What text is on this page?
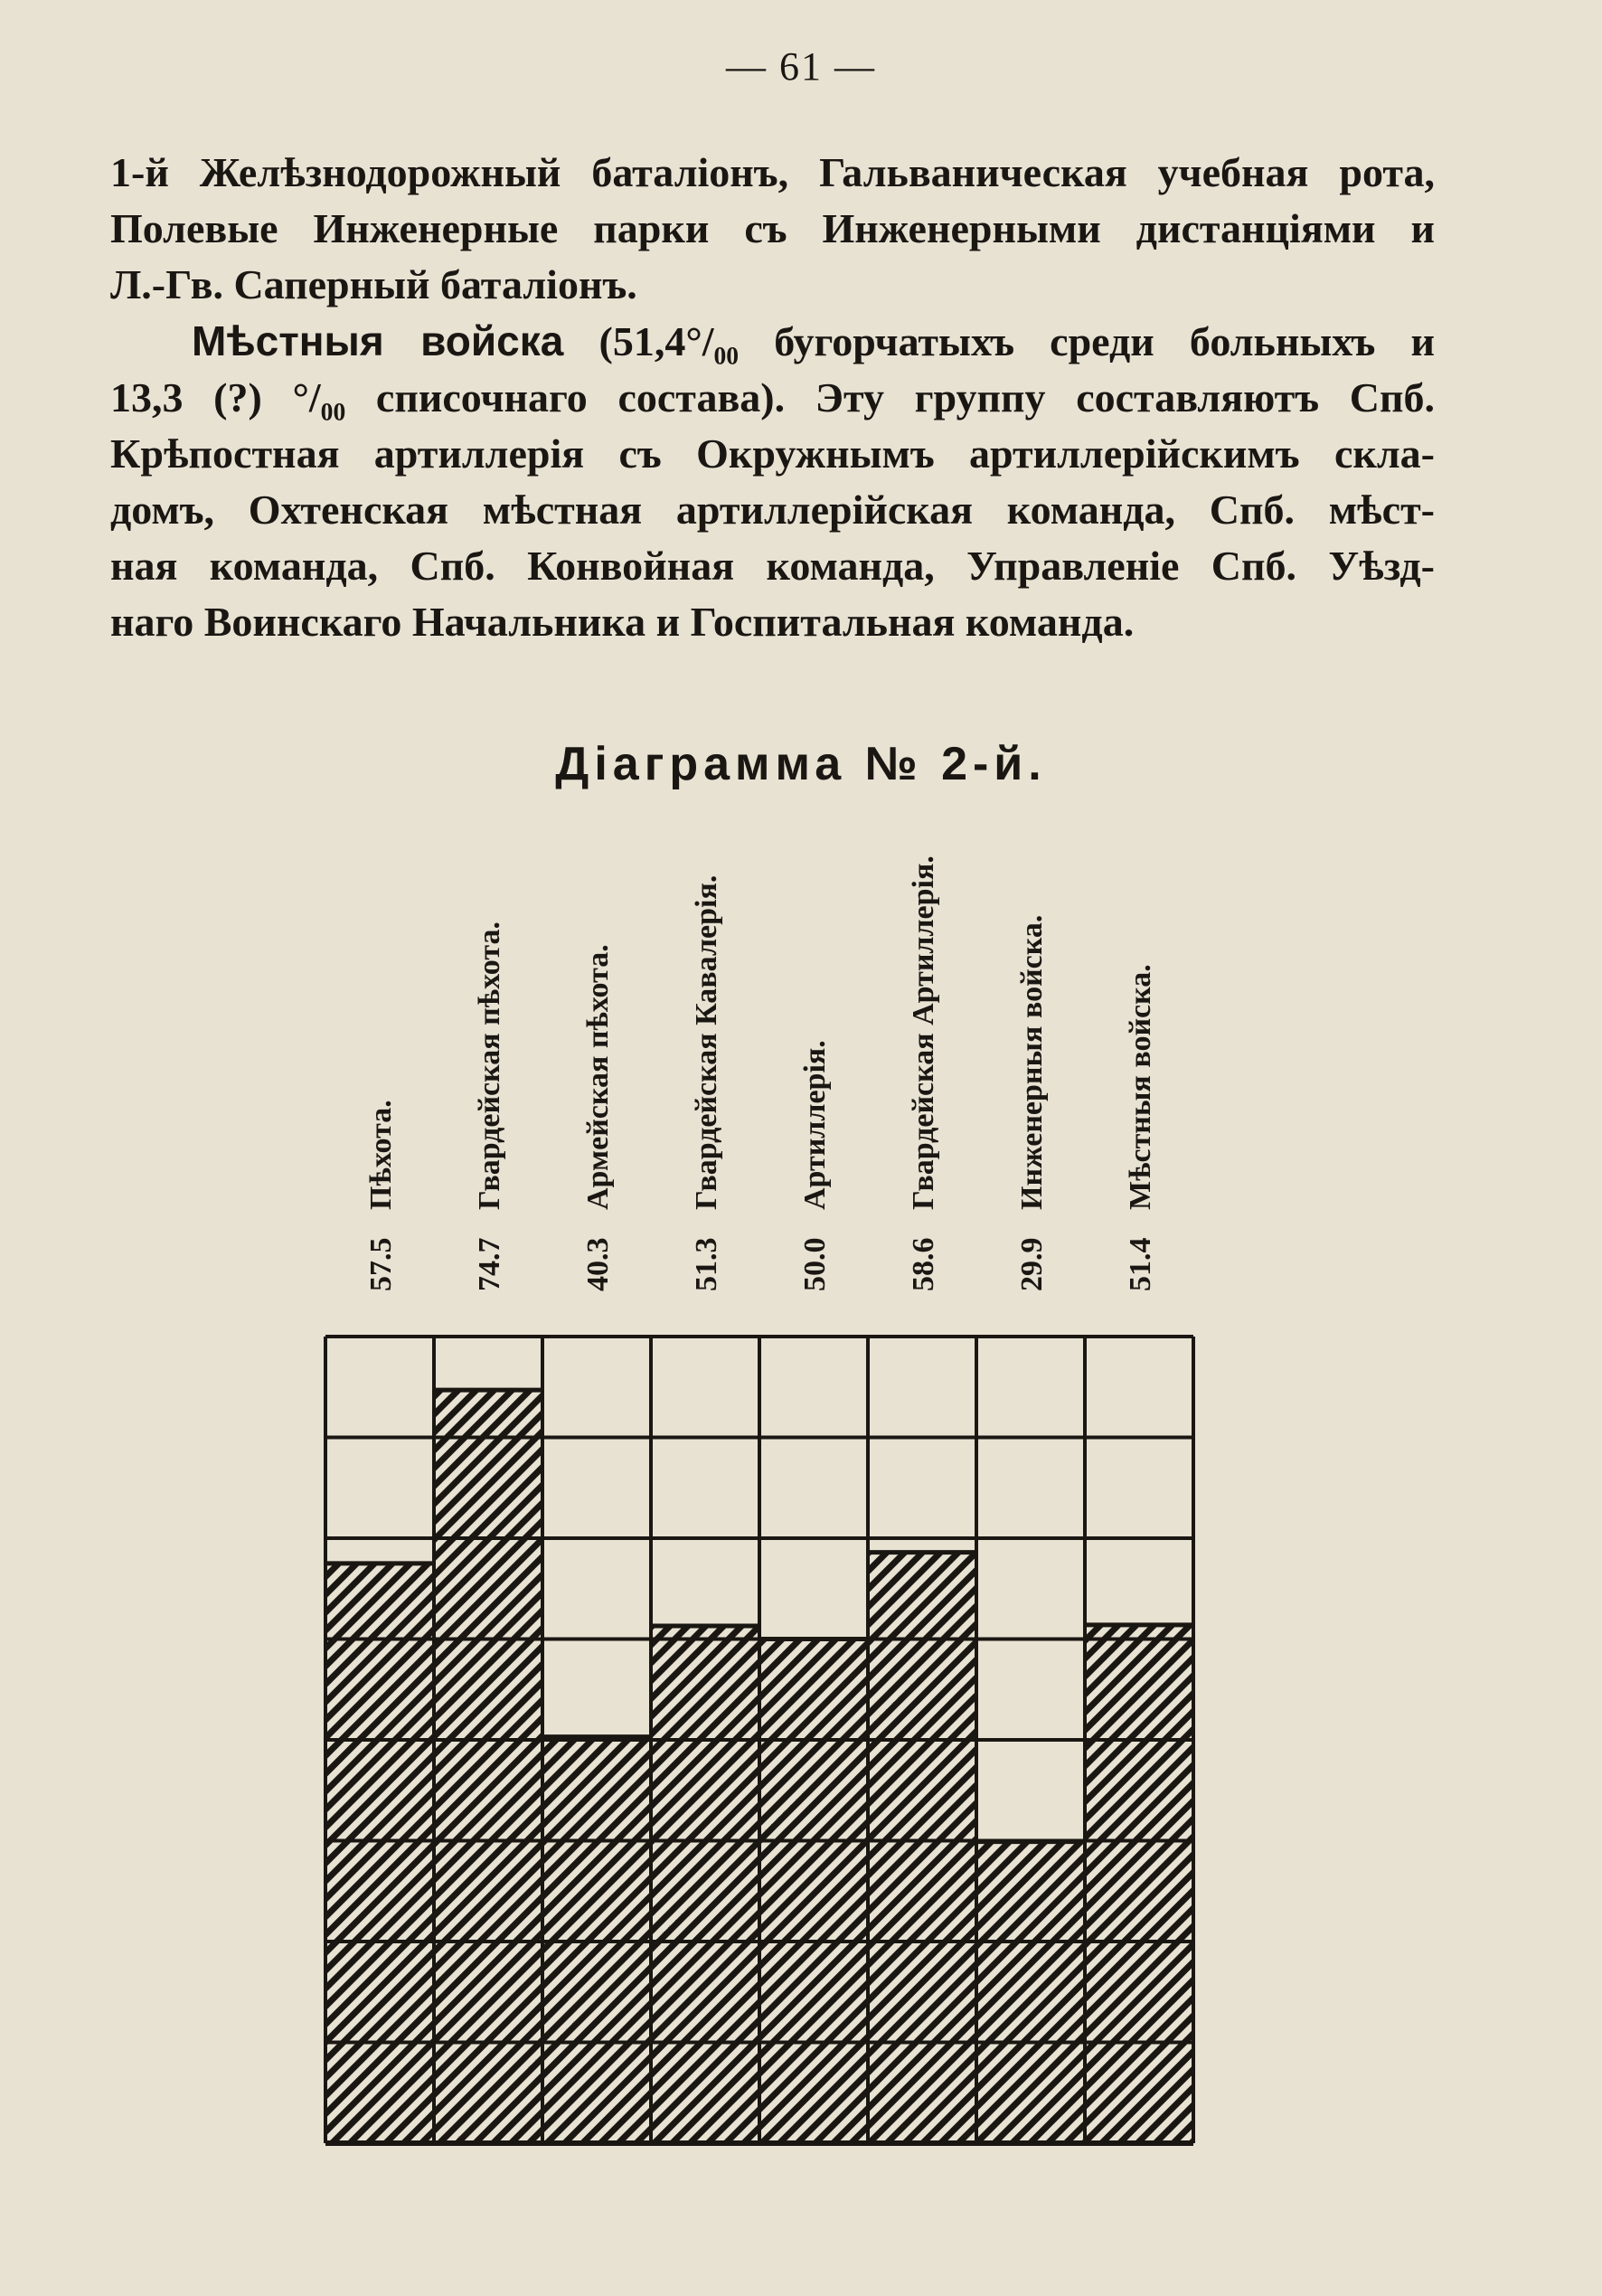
— 61 —
1-й Желѣзнодорожный баталіонъ, Гальваническая учебная рота,
Полевые Инженерные парки съ Инженерными дистанціями и
Л.-Гв. Саперный баталіонъ.
Мѣстныя войска (51,4°/₀₀ бугорчатыхъ среди больныхъ и
13,3 (?) °/₀₀ списочнаго состава). Эту группу составляютъ Спб.
Крѣпостная артиллерія съ Окружнымъ артиллерійскимъ скла-
домъ, Охтенская мѣстная артиллерійская команда, Спб. мѣст-
ная команда, Спб. Конвойная команда, Управленіе Спб. Уѣзд-
наго Воинскаго Начальника и Госпитальная команда.
Діаграмма № 2-й.
57.5
Пѣхота.
74.7
Гвардейская пѣхота.
40.3
Армейская пѣхота.
51.3
Гвардейская Кавалерія.
50.0
Артиллерія.
58.6
Гвардейская Артиллерія.
29.9
Инженерныя войска.
51.4
Мѣстныя войска.
